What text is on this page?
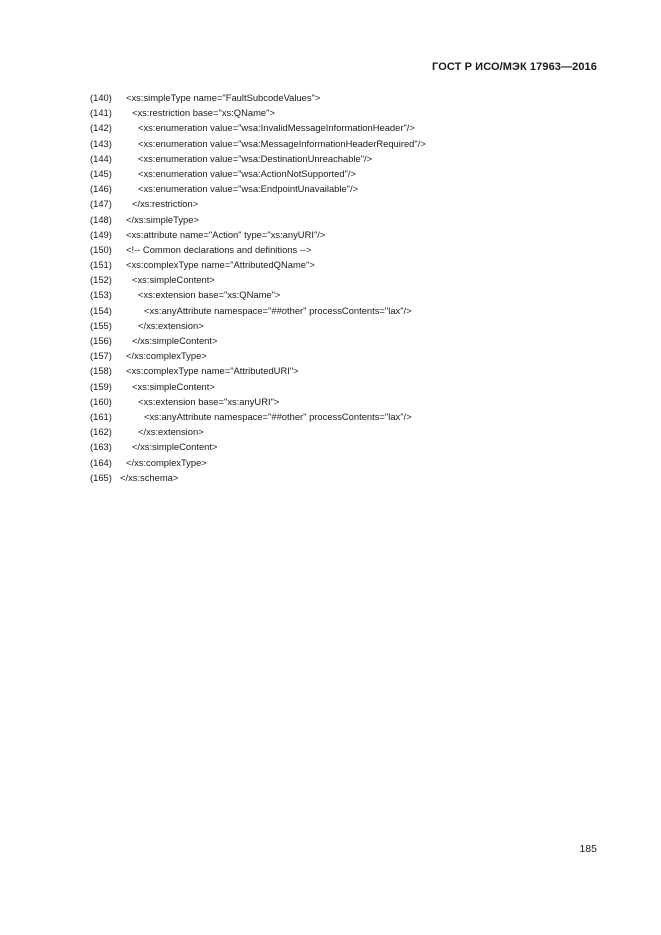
ГОСТ Р ИСО/МЭК 17963—2016
(140) <xs:simpleType name="FaultSubcodeValues">
(141) <xs:restriction base="xs:QName">
(142)	<xs:enumeration value="wsa:InvalidMessageInformationHeader"/>
(143)	<xs:enumeration value="wsa:MessageInformationHeaderRequired"/>
(144)	<xs:enumeration value="wsa:DestinationUnreachable"/>
(145)	<xs:enumeration value="wsa:ActionNotSupported"/>
(146)	<xs:enumeration value="wsa:EndpointUnavailable"/>
(147) </xs:restriction>
(148) </xs:simpleType>
(149) <xs:attribute name="Action" type="xs:anyURI"/>
(150) <!-- Common declarations and definitions -->
(151) <xs:complexType name="AttributedQName">
(152) <xs:simpleContent>
(153)	<xs:extension base="xs:QName">
(154)	<xs:anyAttribute namespace="##other" processContents="lax"/>
(155)	</xs:extension>
(156) </xs:simpleContent>
(157) </xs:complexType>
(158) <xs:complexType name="AttributedURI">
(159) <xs:simpleContent>
(160)	<xs:extension base="xs:anyURI">
(161)	<xs:anyAttribute namespace="##other" processContents="lax"/>
(162)	</xs:extension>
(163) </xs:simpleContent>
(164) </xs:complexType>
(165) </xs:schema>
185
